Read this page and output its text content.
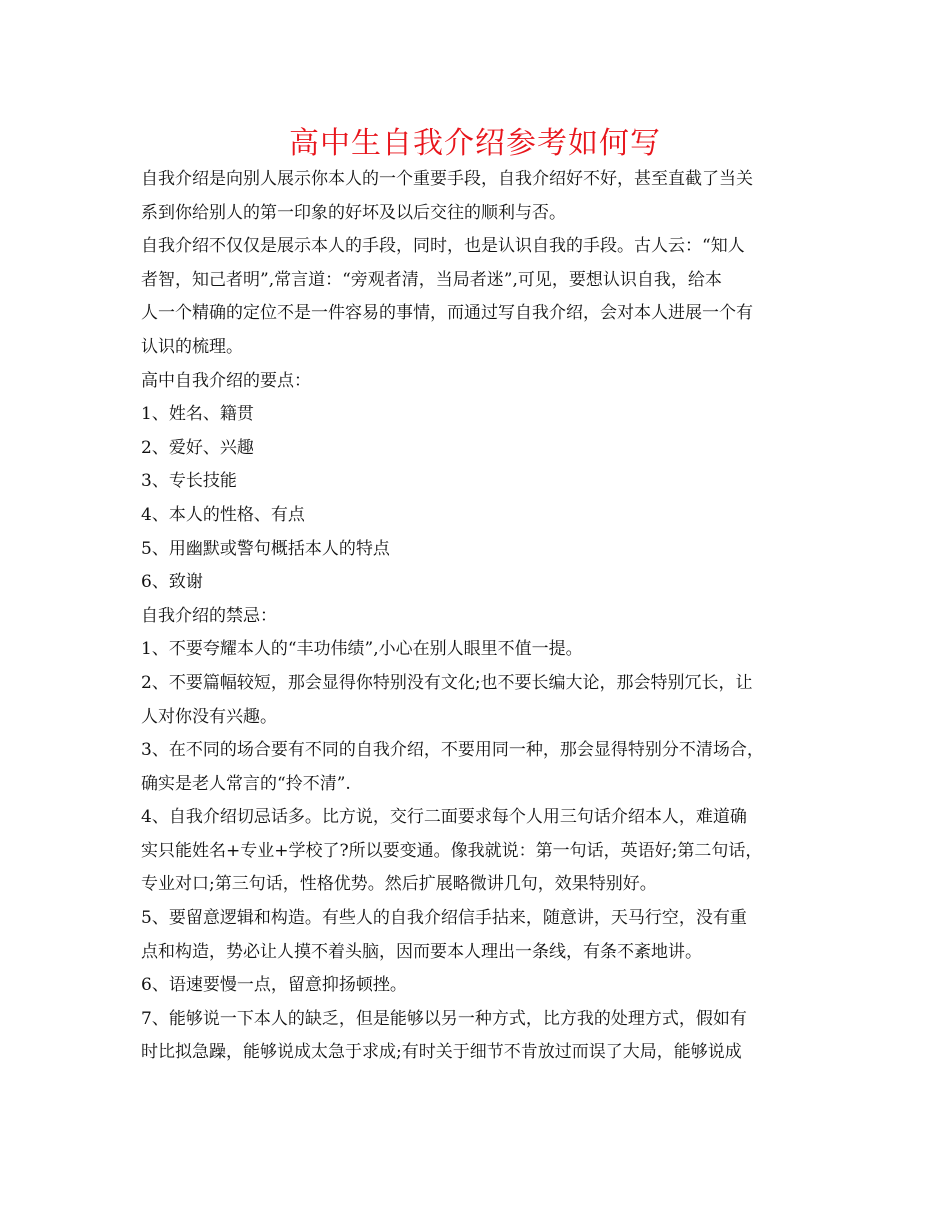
高中生自我介绍参考如何写
自我介绍是向别人展示你本人的一个重要手段，自我介绍好不好，甚至直截了当关
系到你给别人的第一印象的好坏及以后交往的顺利与否。
自我介绍不仅仅是展示本人的手段，同时，也是认识自我的手段。古人云：“知人
者智，知己者明”,常言道：“旁观者清，当局者迷”,可见，要想认识自我，给本
人一个精确的定位不是一件容易的事情，而通过写自我介绍，会对本人进展一个有
认识的梳理。
高中自我介绍的要点：
1、姓名、籍贯
2、爱好、兴趣
3、专长技能
4、本人的性格、有点
5、用幽默或警句概括本人的特点
6、致谢
自我介绍的禁忌：
1、不要夸耀本人的“丰功伟绩”,小心在别人眼里不值一提。
2、不要篇幅较短，那会显得你特别没有文化;也不要长编大论，那会特别冗长，让
人对你没有兴趣。
3、在不同的场合要有不同的自我介绍，不要用同一种，那会显得特别分不清场合，
确实是老人常言的“拎不清”.
4、自我介绍切忌话多。比方说，交行二面要求每个人用三句话介绍本人，难道确
实只能姓名+专业+学校了?所以要变通。像我就说：第一句话，英语好;第二句话，
专业对口;第三句话，性格优势。然后扩展略微讲几句，效果特别好。
5、要留意逻辑和构造。有些人的自我介绍信手拈来，随意讲，天马行空，没有重
点和构造，势必让人摸不着头脑，因而要本人理出一条线，有条不紊地讲。
6、语速要慢一点，留意抑扬顿挫。
7、能够说一下本人的缺乏，但是能够以另一种方式，比方我的处理方式，假如有
时比拟急躁，能够说成太急于求成;有时关于细节不肯放过而误了大局，能够说成
